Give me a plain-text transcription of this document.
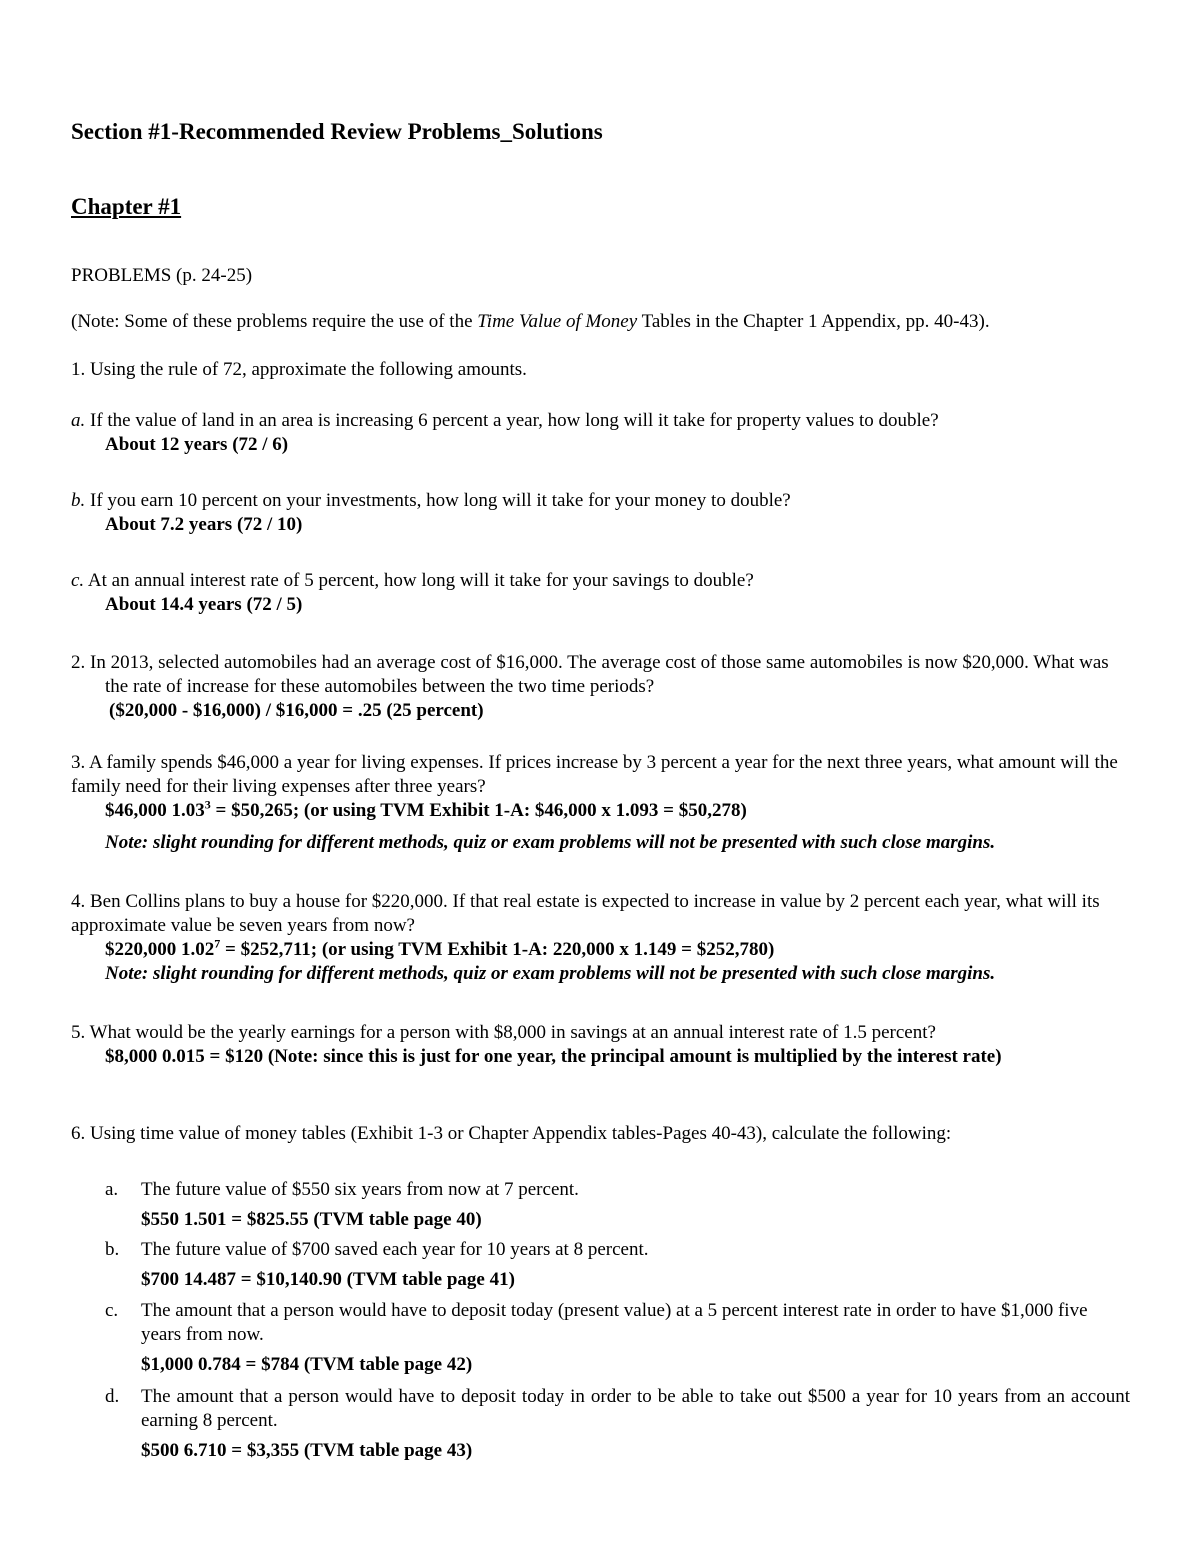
Section #1-Recommended Review Problems_Solutions

Chapter #1

PROBLEMS (p. 24-25)

(Note: Some of these problems require the use of the Time Value of Money Tables in the Chapter 1 Appendix, pp. 40-43).

1. Using the rule of 72, approximate the following amounts.

a. If the value of land in an area is increasing 6 percent a year, how long will it take for property values to double?
About 12 years (72 / 6)
b. If you earn 10 percent on your investments, how long will it take for your money to double?
About 7.2 years (72 / 10)
c. At an annual interest rate of 5 percent, how long will it take for your savings to double?
About 14.4 years (72 / 5)
2. In 2013, selected automobiles had an average cost of $16,000. The average cost of those same automobiles is now $20,000. What was the rate of increase for these automobiles between the two time periods?
($20,000 - $16,000) / $16,000 = .25 (25 percent)
3. A family spends $46,000 a year for living expenses. If prices increase by 3 percent a year for the next three years, what amount will the family need for their living expenses after three years?
$46,000 $1.03^3$ = $50,265; (or using TVM Exhibit 1-A: $46,000 x 1.093 = $50,278)
Note: slight rounding for different methods, quiz or exam problems will not be presented with such close margins.
4. Ben Collins plans to buy a house for $220,000. If that real estate is expected to increase in value by 2 percent each year, what will its approximate value be seven years from now?
$220,000 $1.02^7$ = $252,711; (or using TVM Exhibit 1-A: 220,000 x 1.149 = $252,780)
Note: slight rounding for different methods, quiz or exam problems will not be presented with such close margins.
5. What would be the yearly earnings for a person with $8,000 in savings at an annual interest rate of 1.5 percent?
$8,000 0.015 = $120 (Note: since this is just for one year, the principal amount is multiplied by the interest rate)

6. Using time value of money tables (Exhibit 1-3 or Chapter Appendix tables-Pages 40-43), calculate the following:

a.	The future value of $550 six years from now at 7 percent.
$550 1.501 = $825.55 (TVM table page 40)
b.	The future value of $700 saved each year for 10 years at 8 percent.
$700 14.487 = $10,140.90 (TVM table page 41)
c.	The amount that a person would have to deposit today (present value) at a 5 percent interest rate in order to have $1,000 five years from now.
$1,000 0.784 = $784 (TVM table page 42)
d.	The amount that a person would have to deposit today in order to be able to take out $500 a year for 10 years from an account earning 8 percent.
$500 6.710 = $3,355 (TVM table page 43)
